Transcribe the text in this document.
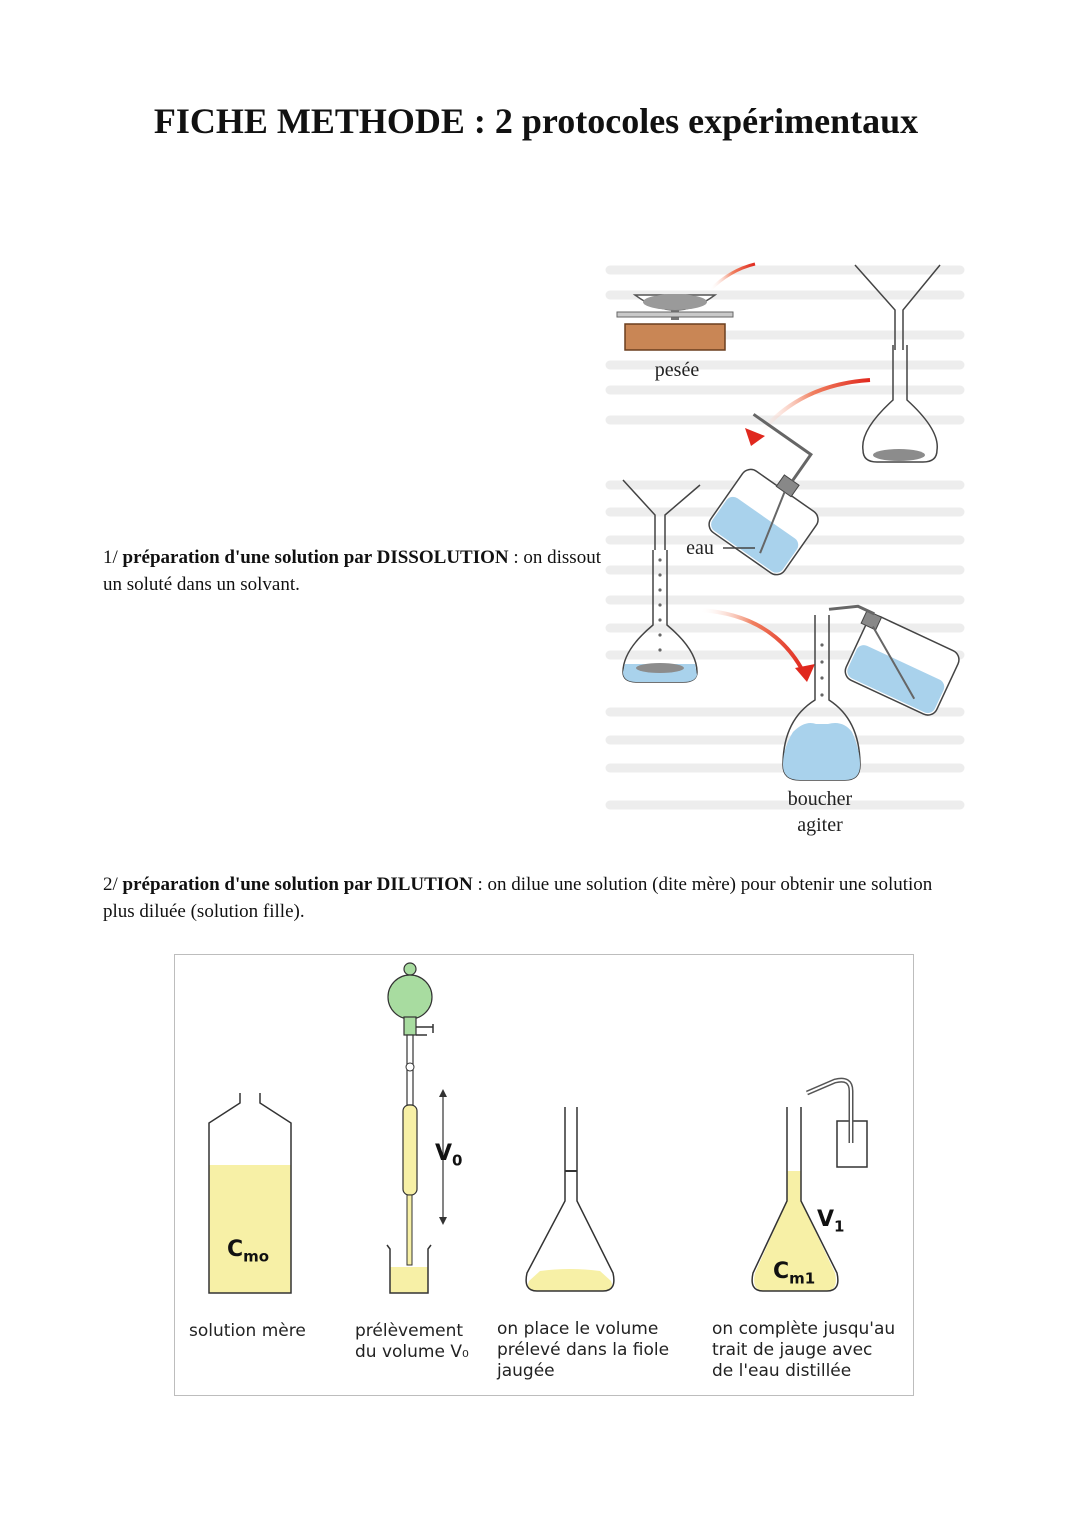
FICHE METHODE : 2 protocoles expérimentaux

1/ préparation d'une solution par DISSOLUTION : on dissout un soluté dans un solvant.

pesée
eau
boucher
agiter

2/ préparation d'une solution par DILUTION : on dilue une solution (dite mère) pour obtenir une solution plus diluée (solution fille).

$C_{mo}$
$V_0$
$V_1$
$C_{m1}$

solution mère	prélèvement
du volume V₀

on place le volume
prélevé dans la fiole
jaugée

on complète jusqu'au
trait de jauge avec
de l'eau distillée
